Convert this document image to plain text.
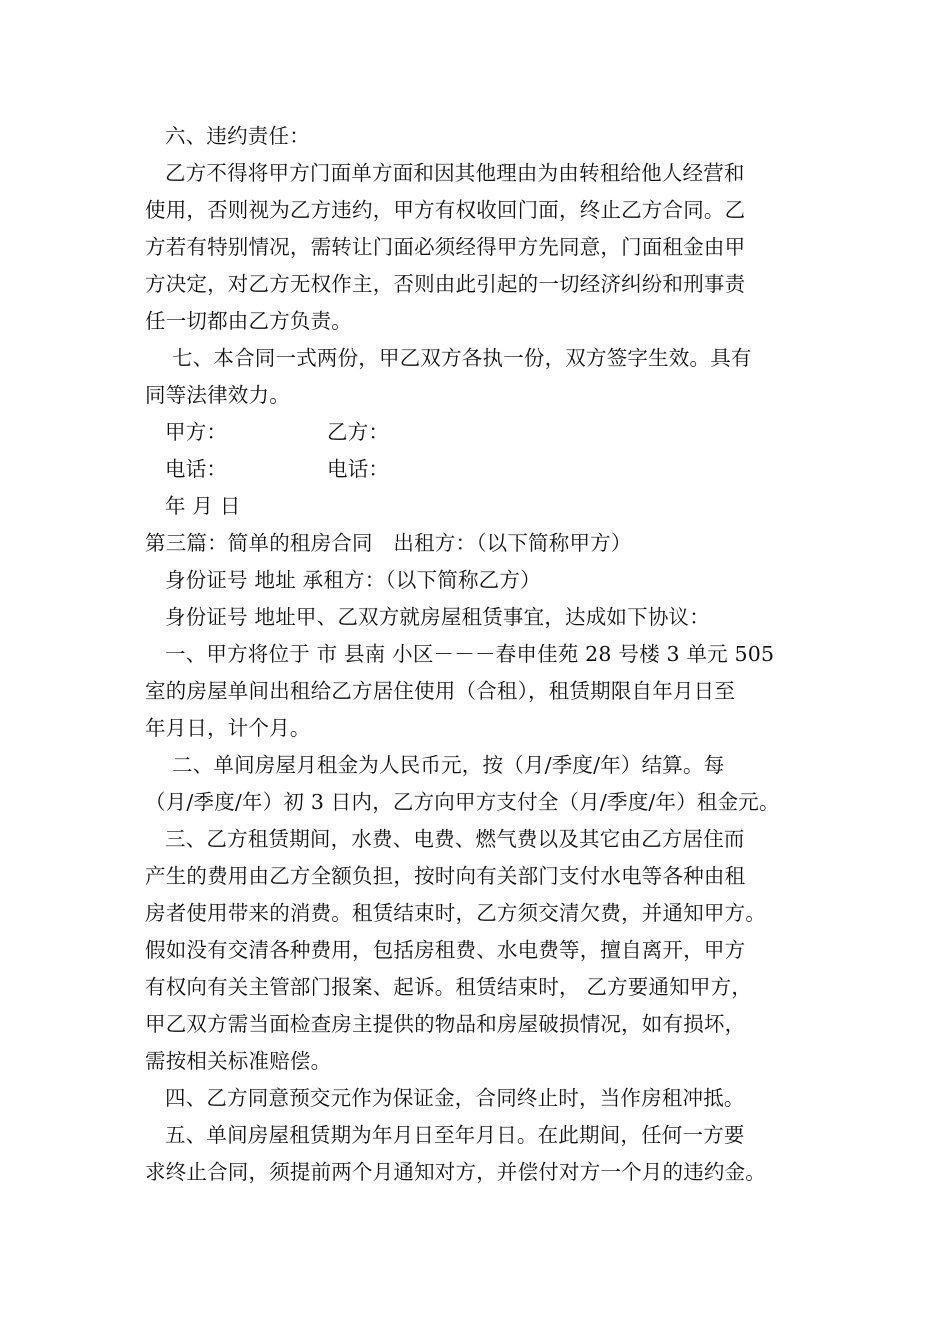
六、违约责任：
乙方不得将甲方门面单方面和因其他理由为由转租给他人经营和
使用，否则视为乙方违约，甲方有权收回门面，终止乙方合同。乙
方若有特别情况，需转让门面必须经得甲方先同意，门面租金由甲
方决定，对乙方无权作主，否则由此引起的一切经济纠纷和刑事责
任一切都由乙方负责。
七、本合同一式两份，甲乙双方各执一份，双方签字生效。具有
同等法律效力。
甲方：	乙方：
电话：	电话：
年 月 日
第三篇：简单的租房合同　出租方：（以下简称甲方）
身份证号 地址 承租方：（以下简称乙方）
身份证号 地址甲、乙双方就房屋租赁事宜，达成如下协议：
一、甲方将位于 市 县南 小区－－－春申佳苑 28 号楼 3 单元 505
室的房屋单间出租给乙方居住使用（合租），租赁期限自年月日至
年月日，计个月。
二、单间房屋月租金为人民币元，按（月/季度/年）结算。每
（月/季度/年）初 3 日内，乙方向甲方支付全（月/季度/年）租金元。
三、乙方租赁期间，水费、电费、燃气费以及其它由乙方居住而
产生的费用由乙方全额负担，按时向有关部门支付水电等各种由租
房者使用带来的消费。租赁结束时，乙方须交清欠费，并通知甲方。
假如没有交清各种费用，包括房租费、水电费等，擅自离开，甲方
有权向有关主管部门报案、起诉。租赁结束时， 乙方要通知甲方，
甲乙双方需当面检查房主提供的物品和房屋破损情况，如有损坏，
需按相关标准赔偿。
四、乙方同意预交元作为保证金，合同终止时，当作房租冲抵。
五、单间房屋租赁期为年月日至年月日。在此期间，任何一方要
求终止合同，须提前两个月通知对方，并偿付对方一个月的违约金。
